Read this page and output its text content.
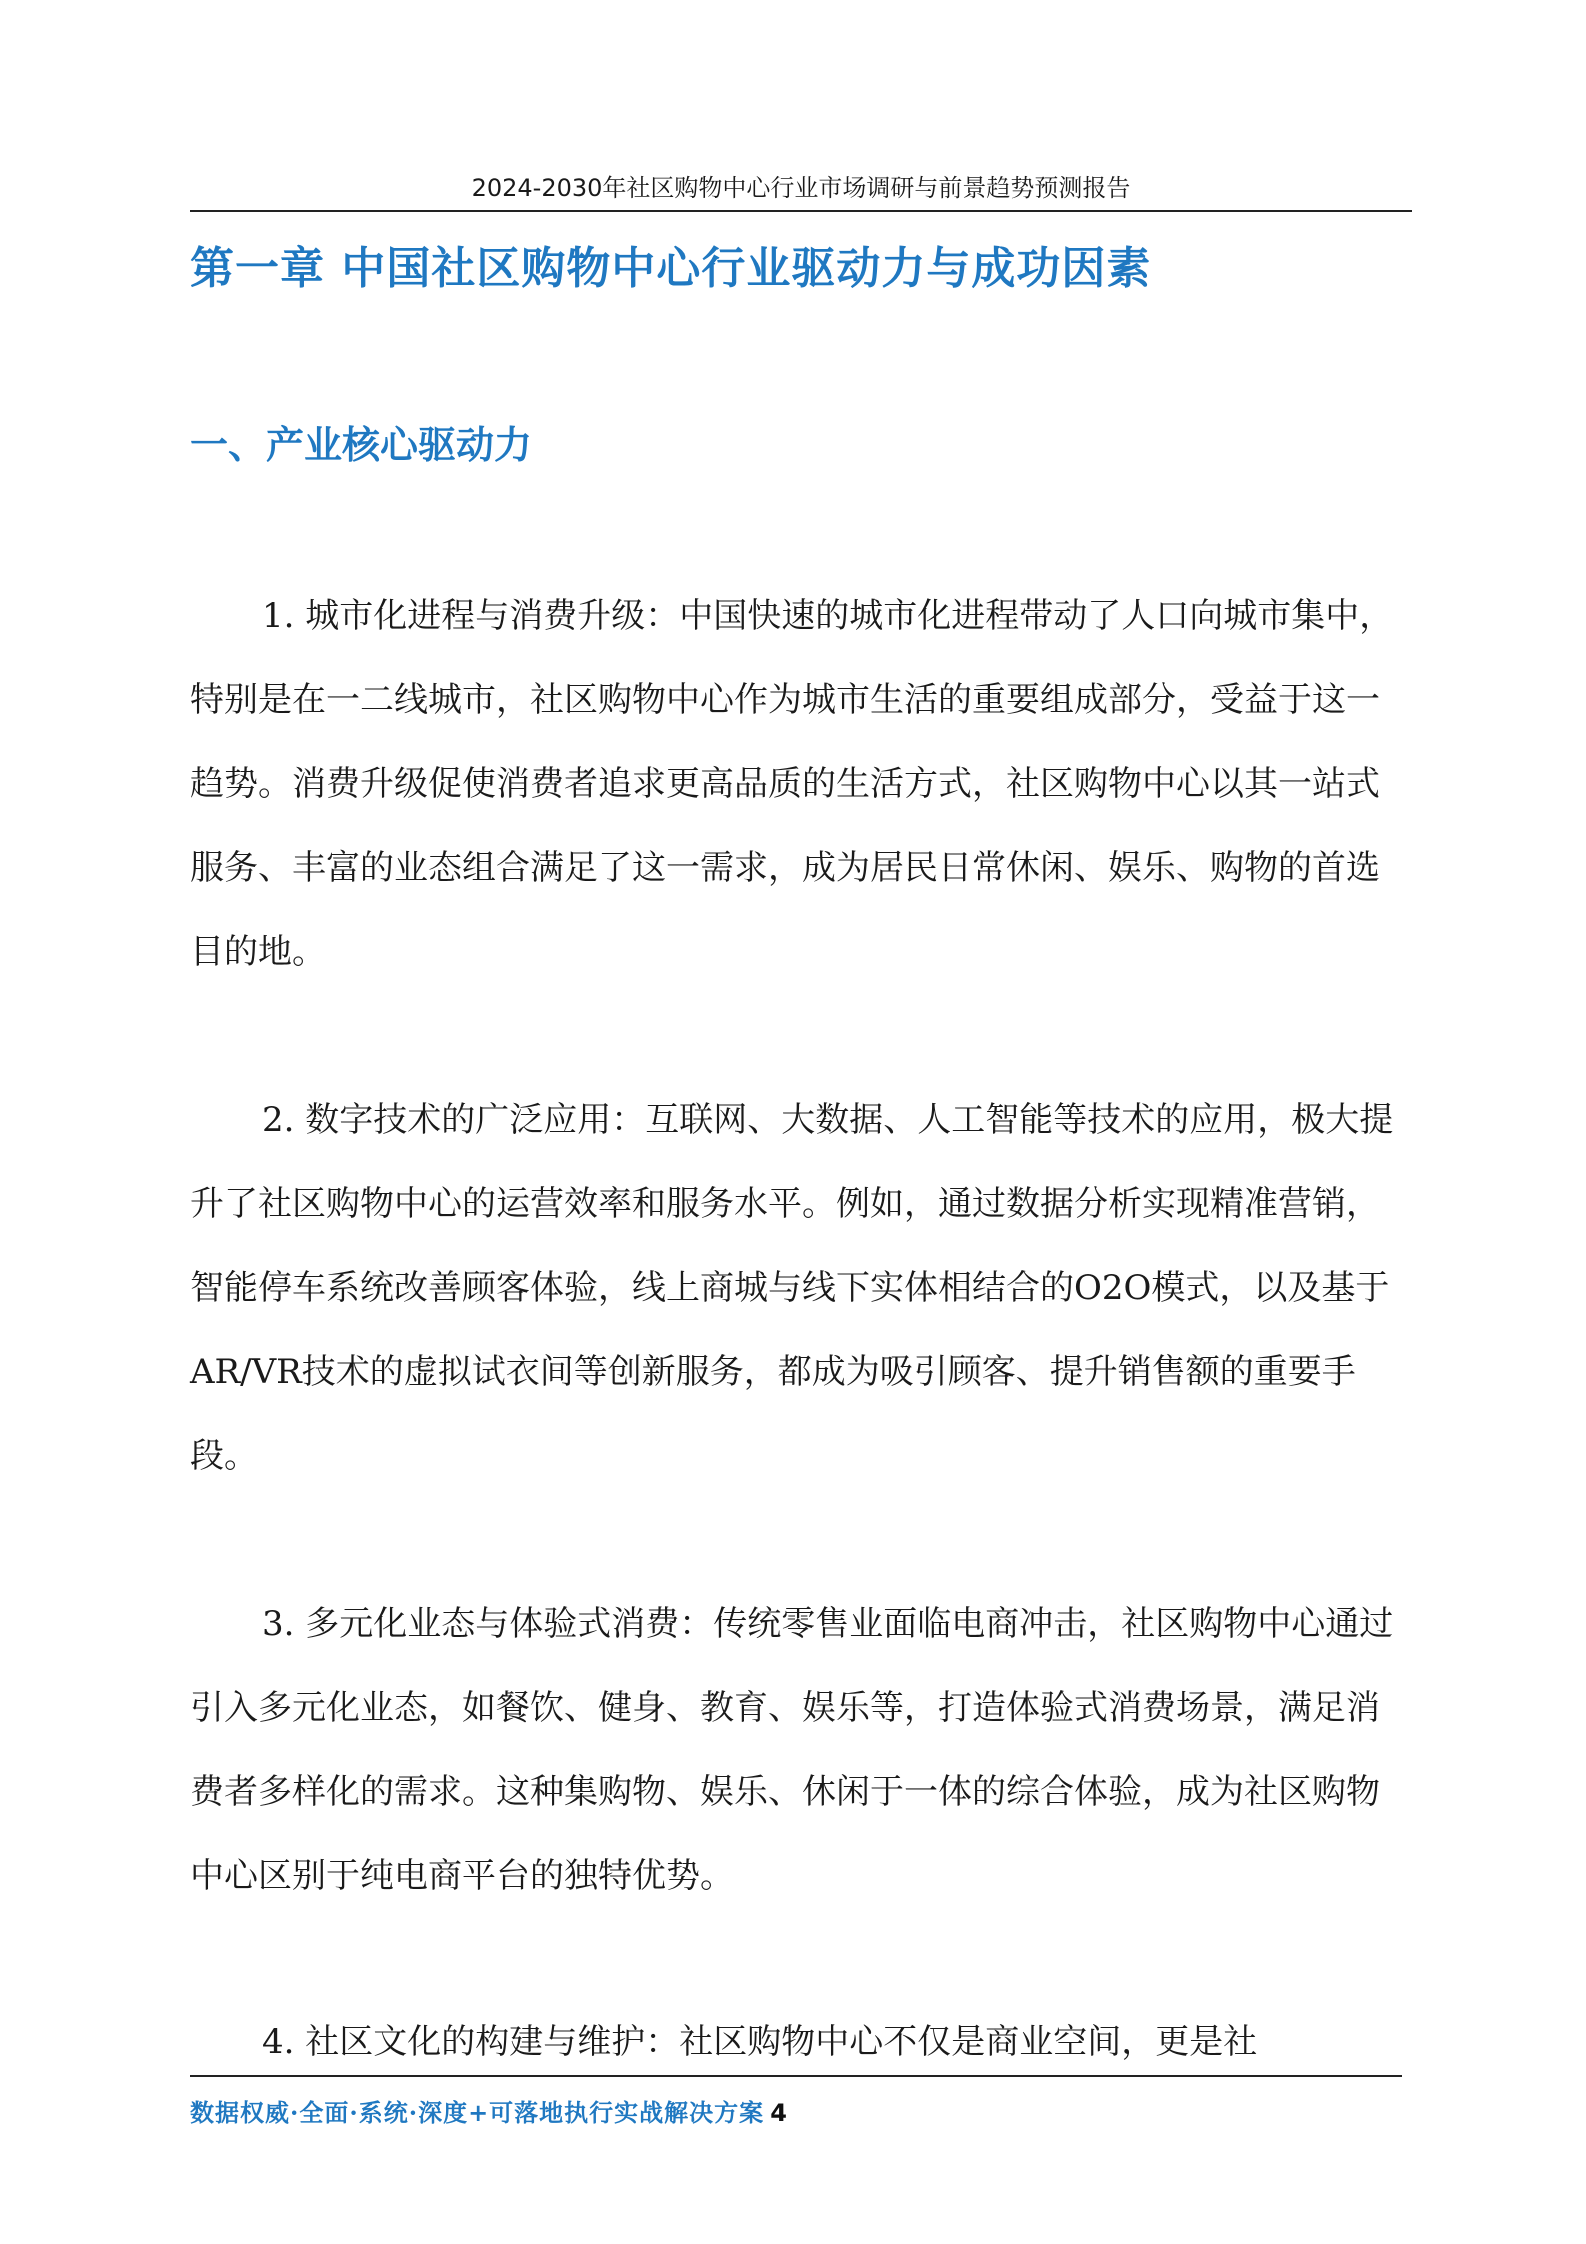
2024-2030年社区购物中心行业市场调研与前景趋势预测报告
第一章 中国社区购物中心行业驱动力与成功因素
一、产业核心驱动力
1. 城市化进程与消费升级：中国快速的城市化进程带动了人口向城市集中，特别是在一二线城市，社区购物中心作为城市生活的重要组成部分，受益于这一趋势。消费升级促使消费者追求更高品质的生活方式，社区购物中心以其一站式服务、丰富的业态组合满足了这一需求，成为居民日常休闲、娱乐、购物的首选目的地。
2. 数字技术的广泛应用：互联网、大数据、人工智能等技术的应用，极大提升了社区购物中心的运营效率和服务水平。例如，通过数据分析实现精准营销，智能停车系统改善顾客体验，线上商城与线下实体相结合的O2O模式，以及基于AR/VR技术的虚拟试衣间等创新服务，都成为吸引顾客、提升销售额的重要手段。
3. 多元化业态与体验式消费：传统零售业面临电商冲击，社区购物中心通过引入多元化业态，如餐饮、健身、教育、娱乐等，打造体验式消费场景，满足消费者多样化的需求。这种集购物、娱乐、休闲于一体的综合体验，成为社区购物中心区别于纯电商平台的独特优势。
4. 社区文化的构建与维护：社区购物中心不仅是商业空间，更是社
数据权威·全面·系统·深度+可落地执行实战解决方案 4
